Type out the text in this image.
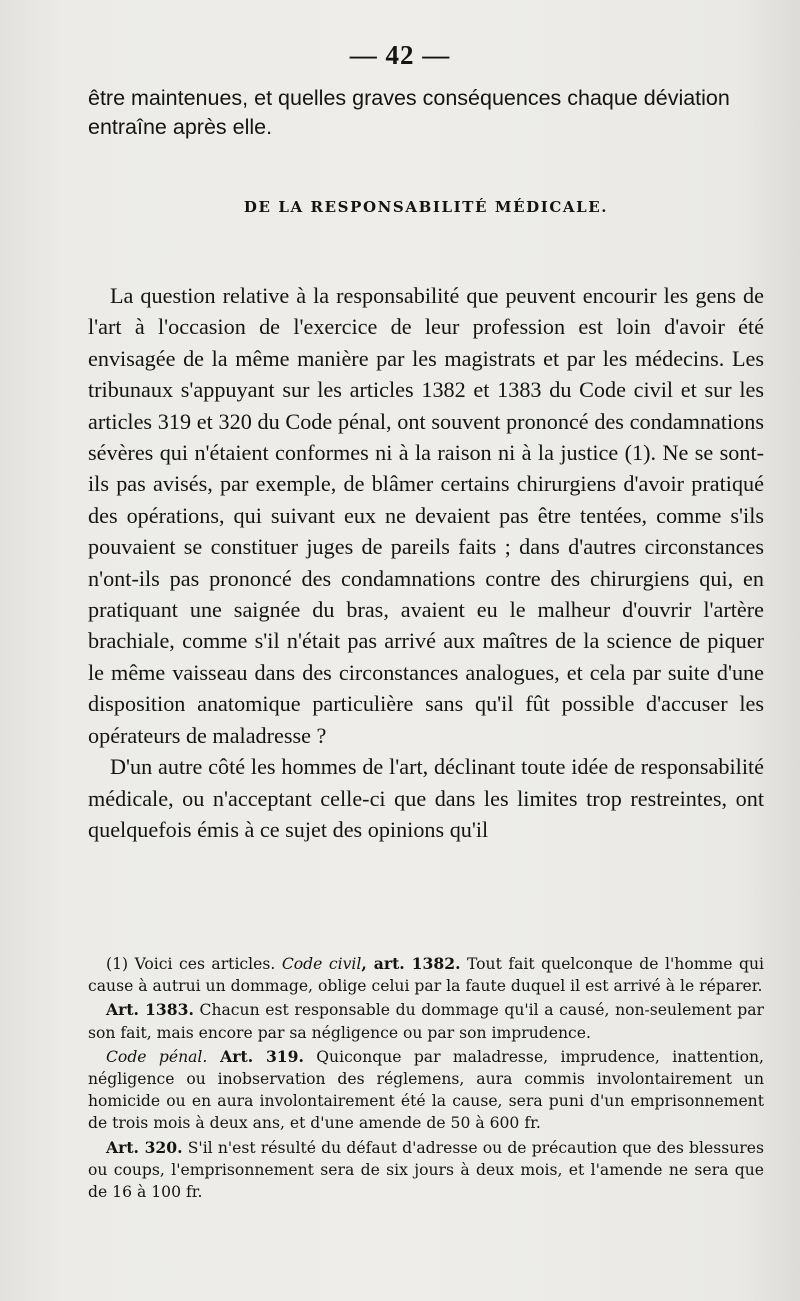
— 42 —
être maintenues, et quelles graves conséquences chaque déviation entraîne après elle.
DE LA RESPONSABILITÉ MÉDICALE.

La question relative à la responsabilité que peuvent encourir les gens de l'art à l'occasion de l'exercice de leur profession est loin d'avoir été envisagée de la même manière par les magistrats et par les médecins. Les tribunaux s'appuyant sur les articles 1382 et 1383 du Code civil et sur les articles 319 et 320 du Code pénal, ont souvent prononcé des condamnations sévères qui n'étaient conformes ni à la raison ni à la justice (1). Ne se sont-ils pas avisés, par exemple, de blâmer certains chirurgiens d'avoir pratiqué des opérations, qui suivant eux ne devaient pas être tentées, comme s'ils pouvaient se constituer juges de pareils faits ; dans d'autres circonstances n'ont-ils pas prononcé des condamnations contre des chirurgiens qui, en pratiquant une saignée du bras, avaient eu le malheur d'ouvrir l'artère brachiale, comme s'il n'était pas arrivé aux maîtres de la science de piquer le même vaisseau dans des circonstances analogues, et cela par suite d'une disposition anatomique particulière sans qu'il fût possible d'accuser les opérateurs de maladresse ?

D'un autre côté les hommes de l'art, déclinant toute idée de responsabilité médicale, ou n'acceptant celle-ci que dans les limites trop restreintes, ont quelquefois émis à ce sujet des opinions qu'il

(1) Voici ces articles. Code civil, art. 1382. Tout fait quelconque de l'homme qui cause à autrui un dommage, oblige celui par la faute duquel il est arrivé à le réparer.

Art. 1383. Chacun est responsable du dommage qu'il a causé, non-seulement par son fait, mais encore par sa négligence ou par son imprudence.

Code pénal. Art. 319. Quiconque par maladresse, imprudence, inattention, négligence ou inobservation des réglemens, aura commis involontairement un homicide ou en aura involontairement été la cause, sera puni d'un emprisonnement de trois mois à deux ans, et d'une amende de 50 à 600 fr.

Art. 320. S'il n'est résulté du défaut d'adresse ou de précaution que des blessures ou coups, l'emprisonnement sera de six jours à deux mois, et l'amende ne sera que de 16 à 100 fr.
